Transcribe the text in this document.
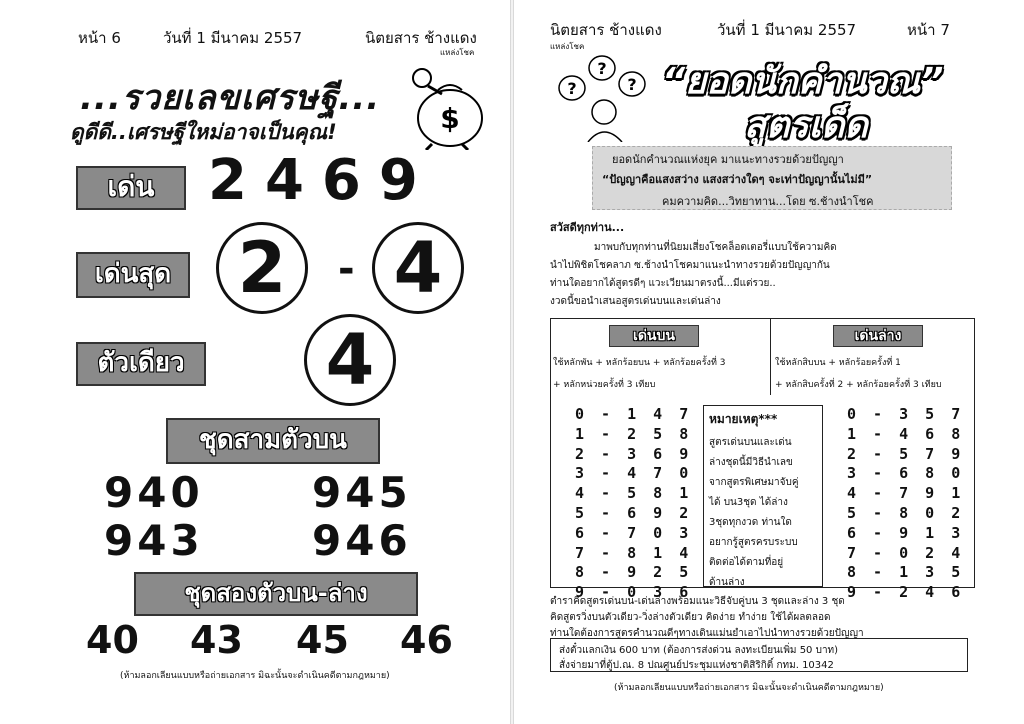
หน้า 6	วันที่ 1 มีนาคม 2557	นิตยสาร ช้างแดง
แหล่งโชค
...รวยเลขเศรษฐี...
ดูดีดี..เศรษฐีใหม่อาจเป็นคุณ!	$
เด่น 2469
เด่นสุด 2	- 4
ตัวเดียว	4
ชุดสามตัวบน
940	945
943	946
ชุดสองตัวบน-ล่าง
40 43 45 46
(ห้ามลอกเลียนแบบหรือถ่ายเอกสาร มิฉะนั้นจะดำเนินคดีตามกฎหมาย)
นิตยสาร ช้างแดง
แหล่งโชค
วันที่ 1 มีนาคม 2557	หน้า 7
?
?
? “ยอดนักคำนวณ”
สูตรเด็ด
ยอดนักคำนวณแห่งยุค มาแนะทางรวยด้วยปัญญา
“ปัญญาคือแสงสว่าง แสงสว่างใดๆ จะเท่าปัญญานั้นไม่มี”
คมความคิด...วิทยาทาน...โดย ซ.ช้างนำโชค
สวัสดีทุกท่าน...
มาพบกับทุกท่านที่นิยมเสี่ยงโชคล็อตเตอรี่แบบใช้ความคิด
นำไปพิชิตโชคลาภ ซ.ช้างนำโชคมาแนะนำทางรวยด้วยปัญญากัน
ท่านใดอยากได้สูตรดีๆ แวะเวียนมาตรงนี้...มีแต่รวย..
งวดนี้ขอนำเสนอสูตรเด่นบนและเด่นล่าง
เด่นบน
ใช้หลักพัน + หลักร้อยบน + หลักร้อยครั้งที่ 3
+ หลักหน่วยครั้งที่ 3 เทียบ
เด่นล่าง
ใช้หลักสิบบน + หลักร้อยครั้งที่ 1
+ หลักสิบครั้งที่ 2 + หลักร้อยครั้งที่ 3 เทียบ
0 - 1 4 7
1 - 2 5 8
2 - 3 6 9
3 - 4 7 0
4 - 5 8 1
5 - 6 9 2
6 - 7 0 3
7 - 8 1 4
8 - 9 2 5
9 - 0 3 6
หมายเหตุ***
สูตรเด่นบนและเด่น
ล่างชุดนี้มีวิธีนำเลข
จากสูตรพิเศษมาจับคู่
ได้ บน3ชุด ได้ล่าง
3ชุดทุกงวด ท่านใด
อยากรู้สูตรครบระบบ
ติดต่อได้ตามที่อยู่
ด้านล่าง
0 - 3 5 7
1 - 4 6 8
2 - 5 7 9
3 - 6 8 0
4 - 7 9 1
5 - 8 0 2
6 - 9 1 3
7 - 0 2 4
8 - 1 3 5
9 - 2 4 6
ตำราคิดสูตรเด่นบน-เด่นล่างพร้อมแนะวิธีจับคู่บน 3 ชุดและล่าง 3 ชุด
คิดสูตรวิ่งบนตัวเดียว-วิ่งล่างตัวเดียว คิดง่าย ทำง่าย ใช้ได้ผลตลอด
ท่านใดต้องการสูตรคำนวณดีๆทางเดินแม่นยำเอาไปนำทางรวยด้วยปัญญา
ส่งตั๋วแลกเงิน 600 บาท (ต้องการส่งด่วน ลงทะเบียนเพิ่ม 50 บาท)
สั่งจ่ายมาที่ตู้ป.ณ. 8 ปณศูนย์ประชุมแห่งชาติสิริกิติ์ กทม. 10342
(ห้ามลอกเลียนแบบหรือถ่ายเอกสาร มิฉะนั้นจะดำเนินคดีตามกฎหมาย)
